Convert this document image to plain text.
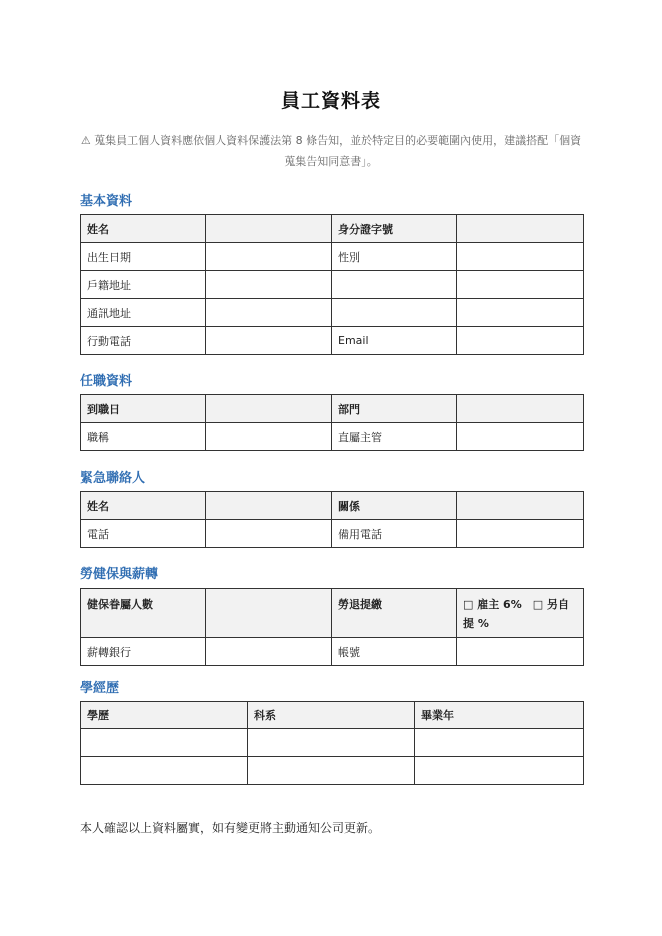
員工資料表
⚠ 蒐集員工個人資料應依個人資料保護法第 8 條告知，並於特定目的必要範圍內使用，建議搭配「個資蒐集告知同意書」。
基本資料
姓名		身分證字號	
出生日期		性別	
戶籍地址			
通訊地址			
行動電話		Email	
任職資料
到職日		部門	
職稱		直屬主管	
緊急聯絡人
姓名		關係	
電話		備用電話	
勞健保與薪轉
健保眷屬人數		勞退提繳	□ 雇主 6%　□ 另自提 %
薪轉銀行		帳號	
學經歷
學歷	科系	畢業年

本人確認以上資料屬實，如有變更將主動通知公司更新。
